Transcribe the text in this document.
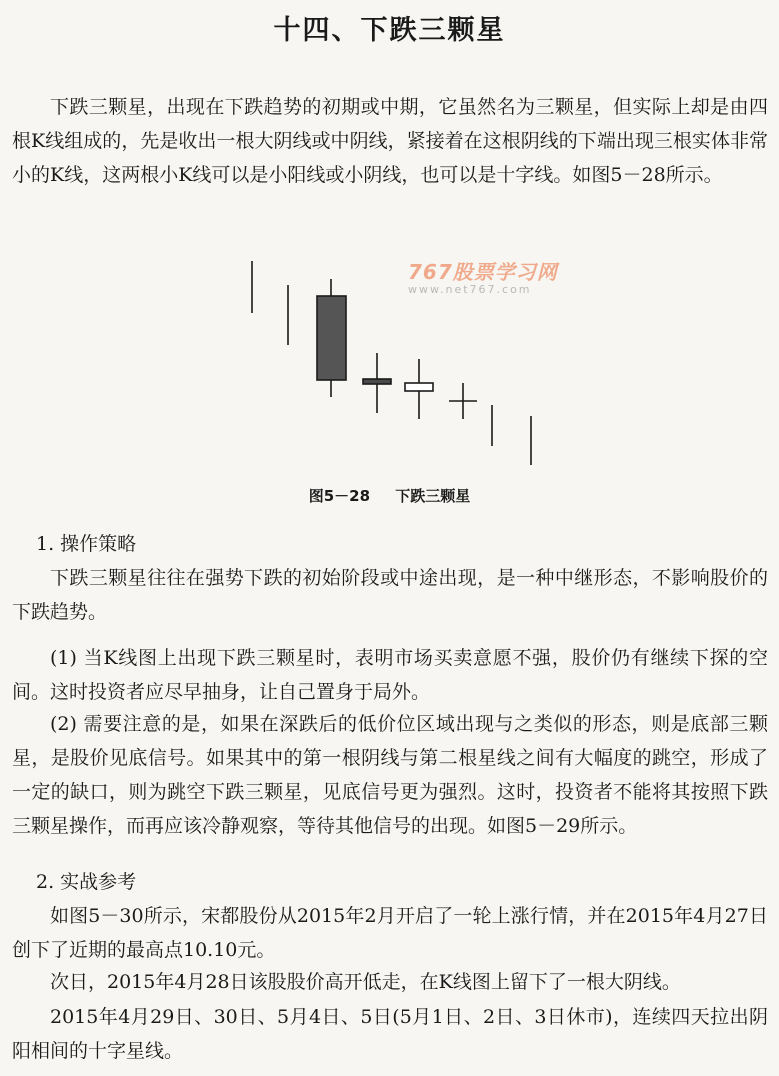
十四、下跌三颗星

下跌三颗星，出现在下跌趋势的初期或中期，它虽然名为三颗星，但实际上却是由四根K线组成的，先是收出一根大阴线或中阴线，紧接着在这根阴线的下端出现三根实体非常小的K线，这两根小K线可以是小阳线或小阴线，也可以是十字线。如图5－28所示。

767股票学习网
www.net767.com
图5－28 下跌三颗星
1. 操作策略

下跌三颗星往往在强势下跌的初始阶段或中途出现，是一种中继形态，不影响股价的下跌趋势。

(1) 当K线图上出现下跌三颗星时，表明市场买卖意愿不强，股价仍有继续下探的空间。这时投资者应尽早抽身，让自己置身于局外。

(2) 需要注意的是，如果在深跌后的低价位区域出现与之类似的形态，则是底部三颗星，是股价见底信号。如果其中的第一根阴线与第二根星线之间有大幅度的跳空，形成了一定的缺口，则为跳空下跌三颗星，见底信号更为强烈。这时，投资者不能将其按照下跌三颗星操作，而再应该冷静观察，等待其他信号的出现。如图5－29所示。

2. 实战参考

如图5－30所示，宋都股份从2015年2月开启了一轮上涨行情，并在2015年4月27日创下了近期的最高点10.10元。

次日，2015年4月28日该股股价高开低走，在K线图上留下了一根大阴线。

2015年4月29日、30日、5月4日、5日(5月1日、2日、3日休市)，连续四天拉出阴阳相间的十字星线。
